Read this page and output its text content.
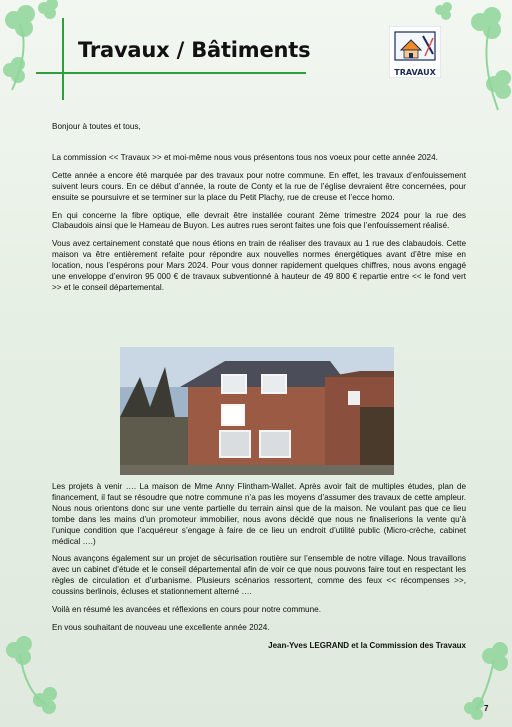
Travaux / Bâtiments
TRAVAUX

Bonjour à toutes et tous,

La commission << Travaux >> et moi-même nous vous présentons tous nos voeux pour cette année 2024.

Cette année a encore été marquée par des travaux pour notre commune. En effet, les travaux d’enfouissement suivent leurs cours. En ce début d’année, la route de Conty et la rue de l’église devraient être concernées, pour ensuite se poursuivre et se terminer sur la place du Petit Plachy, rue de creuse et l’ecce homo.

En qui concerne la fibre optique, elle devrait être installée courant 2ème trimestre 2024 pour la rue des Clabaudois ainsi que le Hameau de Buyon. Les autres rues seront faites une fois que l’enfouissement réalisé.

Vous avez certainement constaté que nous étions en train de réaliser des travaux au 1 rue des clabaudois. Cette maison va être entièrement refaite pour répondre aux nouvelles normes énergétiques avant d’être mise en location, nous l’espérons pour Mars 2024. Pour vous donner rapidement quelques chiffres, nous avons engagé une enveloppe d’environ 95 000 € de travaux subventionné à hauteur de 49 800 € repartie entre << le fond vert >> et le conseil départemental.

Les projets à venir …. La maison de Mme Anny Flintham-Wallet. Après avoir fait de multiples études, plan de financement, il faut se résoudre que notre commune n’a pas les moyens d’assumer des travaux de cette ampleur. Nous nous orientons donc sur une vente partielle du terrain ainsi que de la maison. Ne voulant pas que ce lieu tombe dans les mains d’un promoteur immobilier, nous avons décidé que nous ne finaliserions la vente qu’à l’unique condition que l’acquéreur s’engage à faire de ce lieu un endroit d’utilité public (Micro-crèche, cabinet médical ….)

Nous avançons également sur un projet de sécurisation routière sur l’ensemble de notre village. Nous travaillons avec un cabinet d’étude et le conseil départemental afin de voir ce que nous pouvons faire tout en respectant les règles de circulation et d’urbanisme. Plusieurs scénarios ressortent, comme des feux << récompenses >>, coussins berlinois, écluses et stationnement alterné ….

Voilà en résumé les avancées et réflexions en cours pour notre commune.

En vous souhaitant de nouveau une excellente année 2024.

Jean-Yves LEGRAND et la Commission des Travaux
7
